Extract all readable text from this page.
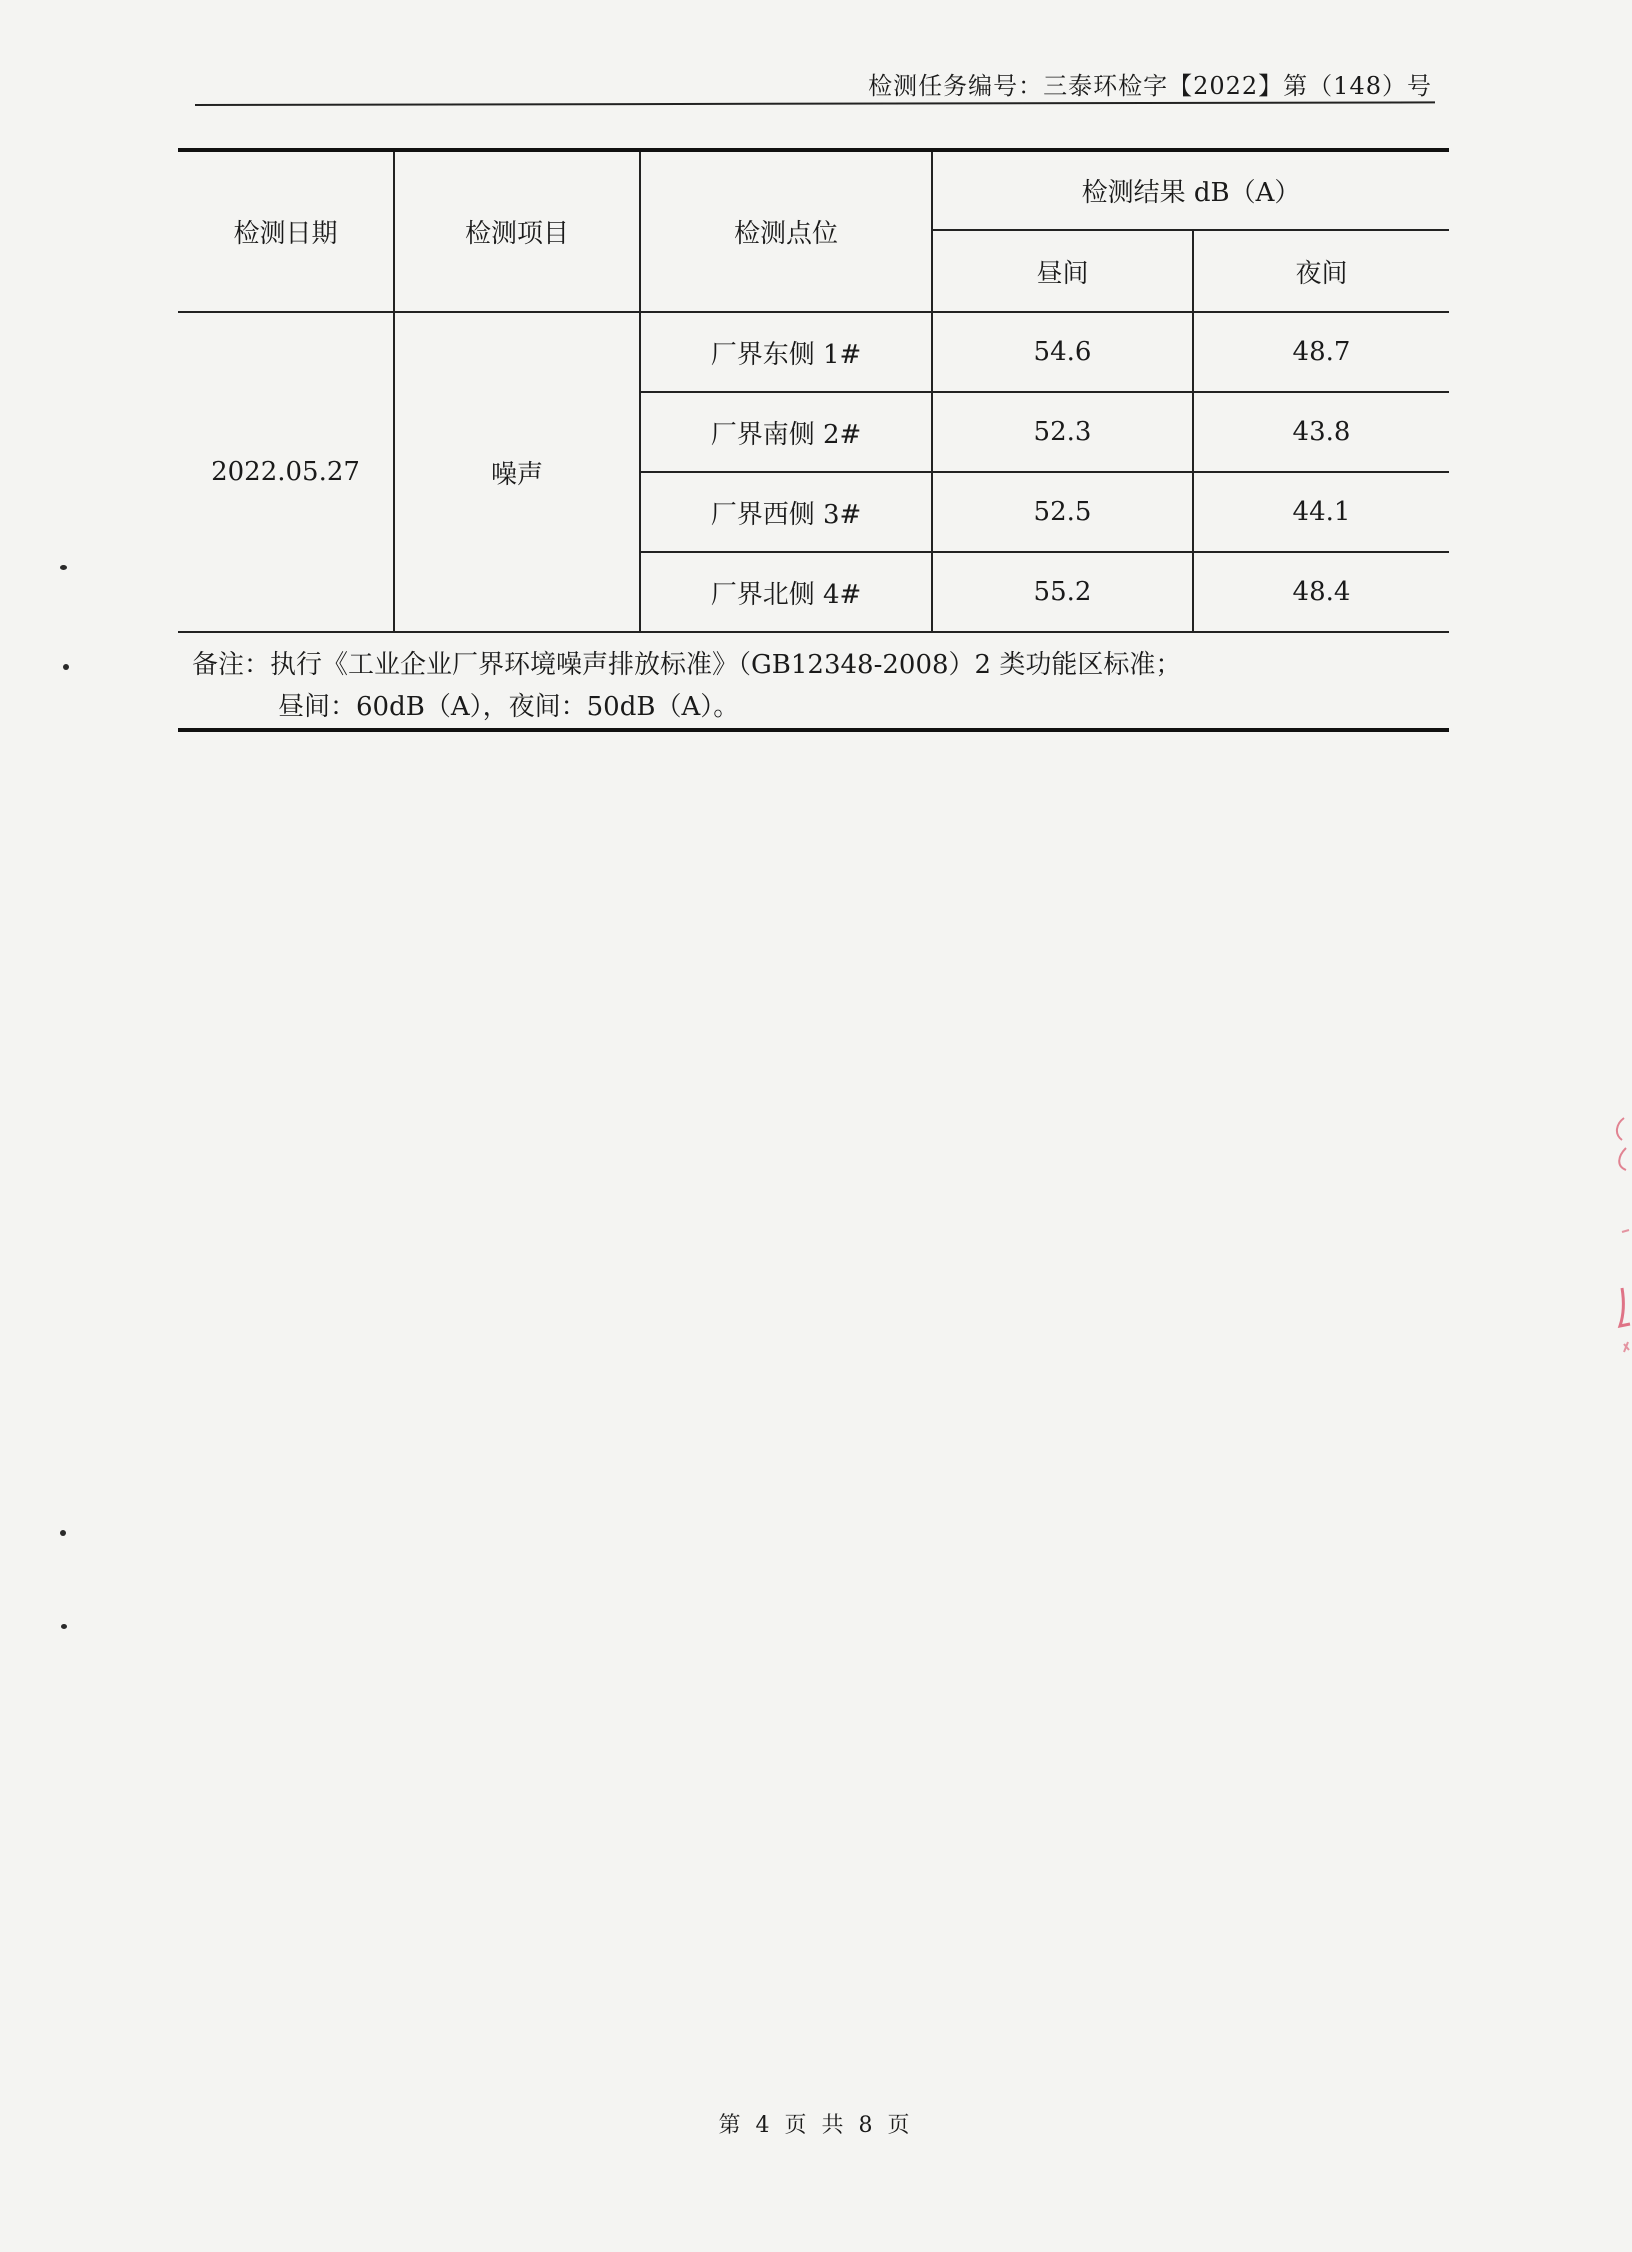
检测任务编号：三泰环检字【2022】第（148）号
检测日期	检测项目	检测点位	检测结果 dB（A）	
			昼间	夜间
2022.05.27	噪声	厂界东侧 1#	54.6	48.7
		厂界南侧 2#	52.3	43.8
		厂界西侧 3#	52.5	44.1
		厂界北侧 4#	55.2	48.4
备注：执行《工业企业厂界环境噪声排放标准》（GB12348-2008）2 类功能区标准；
昼间：60dB（A），夜间：50dB（A）。
第 4 页 共 8 页
